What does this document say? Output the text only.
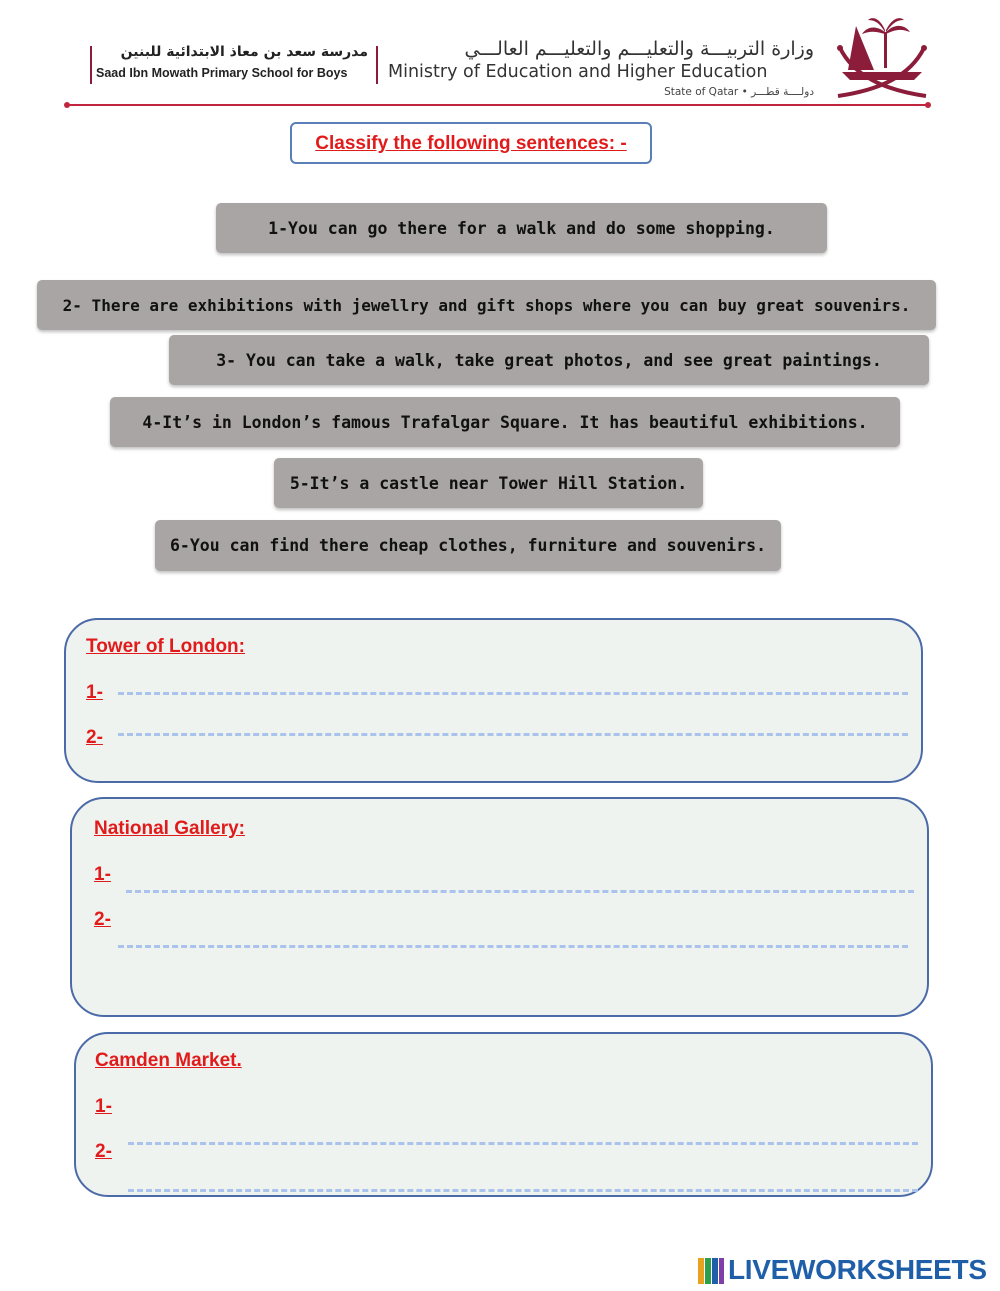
مدرسة سعد بن معاذ الابتدائية للبنين
Saad Ibn Mowath Primary School for Boys
وزارة التربيـــة والتعليـــم والتعليـــم العالـــي
Ministry of Education and Higher Education
State of Qatar • دولــــة قطـــر
Classify the following sentences: -
1-You can go there for a walk and do some shopping.
2- There are exhibitions with jewellry and gift shops where you can buy great souvenirs.
3- You can take a walk, take great photos, and see great paintings.
4-It’s in London’s famous Trafalgar Square. It has beautiful exhibitions.
5-It’s a castle near Tower Hill Station.
6-You can find there cheap clothes, furniture and souvenirs.
Tower of London:
1-
2-
National Gallery:
1-
2-
Camden Market.
1-
2-
LIVEWORKSHEETS
